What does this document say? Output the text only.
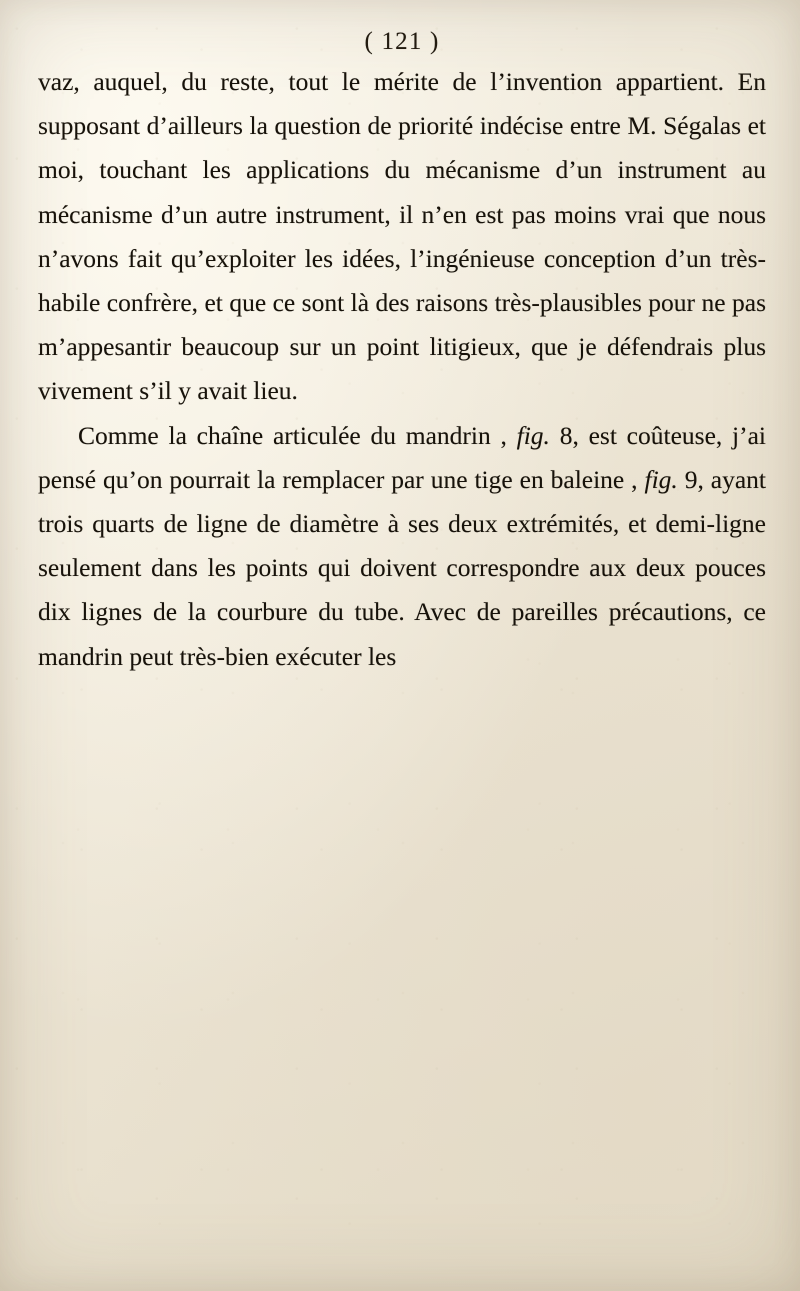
( 121 )

vaz, auquel, du reste, tout le mérite de l’invention appartient. En supposant d’ailleurs la question de priorité indécise entre M. Ségalas et moi, touchant les applications du mécanisme d’un instrument au mécanisme d’un autre instrument, il n’en est pas moins vrai que nous n’avons fait qu’exploiter les idées, l’ingénieuse conception d’un très-habile confrère, et que ce sont là des raisons très-plausibles pour ne pas m’appesantir beaucoup sur un point litigieux, que je défendrais plus vivement s’il y avait lieu.

Comme la chaîne articulée du mandrin , fig. 8, est coûteuse, j’ai pensé qu’on pourrait la remplacer par une tige en baleine , fig. 9, ayant trois quarts de ligne de diamètre à ses deux extrémités, et demi-ligne seulement dans les points qui doivent correspondre aux deux pouces dix lignes de la courbure du tube. Avec de pareilles précautions, ce mandrin peut très-bien exécuter les
